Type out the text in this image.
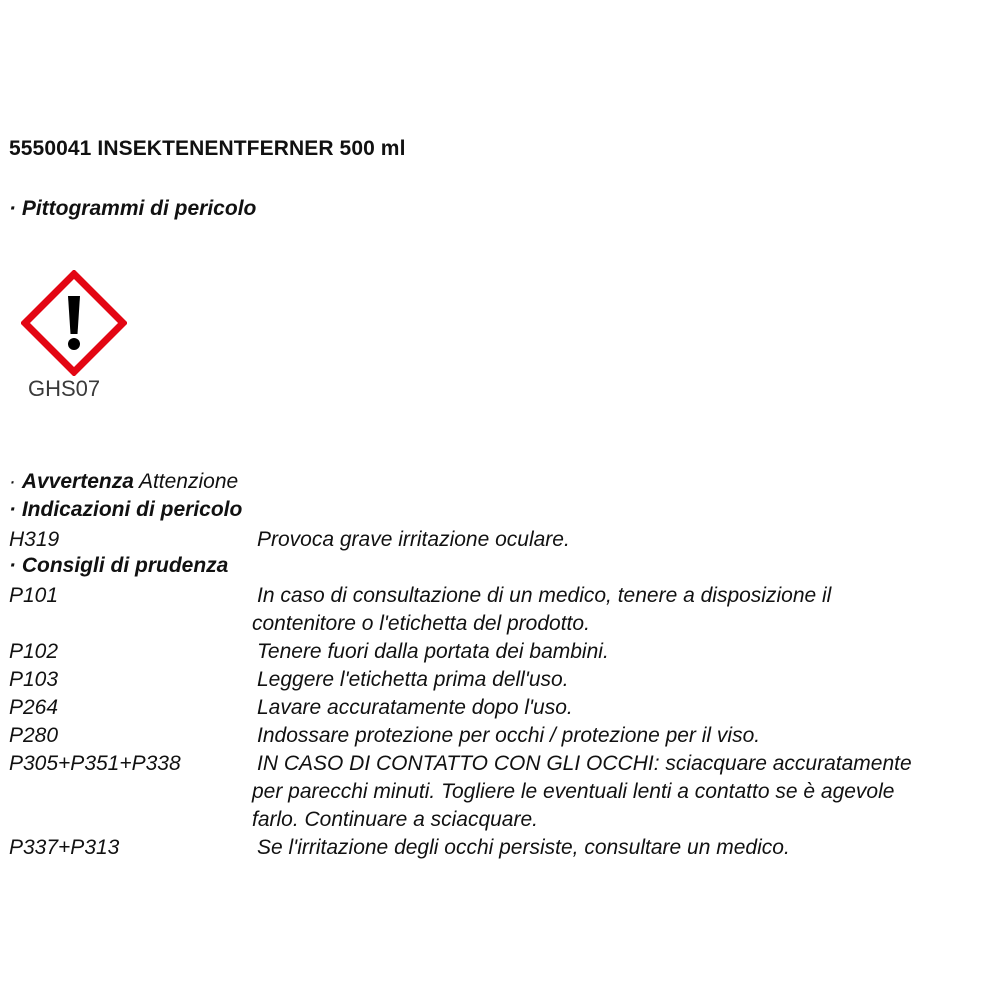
5550041 INSEKTENENTFERNER 500 ml
· Pittogrammi di pericolo
GHS07
· Avvertenza Attenzione
· Indicazioni di pericolo
H319	Provoca grave irritazione oculare.
· Consigli di prudenza
P101	In caso di consultazione di un medico, tenere a disposizione il
contenitore o l'etichetta del prodotto.
P102	Tenere fuori dalla portata dei bambini.
P103	Leggere l'etichetta prima dell'uso.
P264	Lavare accuratamente dopo l'uso.
P280	Indossare protezione per occhi / protezione per il viso.
P305+P351+P338	IN CASO DI CONTATTO CON GLI OCCHI: sciacquare accuratamente
per parecchi minuti. Togliere le eventuali lenti a contatto se è agevole
farlo. Continuare a sciacquare.
P337+P313	Se l'irritazione degli occhi persiste, consultare un medico.
